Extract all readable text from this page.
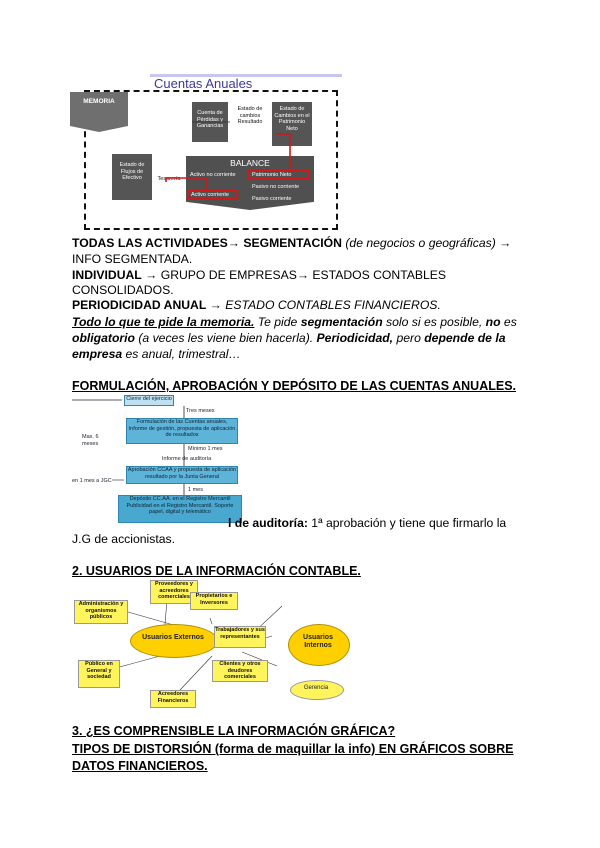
Cuentas Anuales
MEMORIA
Cuenta de Pérdidas y Ganancias
Estado de cambios Resultado
Estado de Cambios en el Patrimonio Neto
Estado de Flujos de Efectivo	Tesorería
BALANCE
Activo no corriente	Patrimonio Neto
Pasivo no corriente
Activo corriente
Pasivo corriente
TODAS LAS ACTIVIDADES→ SEGMENTACIÓN (de negocios o geográficas) →
INFO SEGMENTADA.
INDIVIDUAL → GRUPO DE EMPRESAS→ ESTADOS CONTABLES
CONSOLIDADOS.
PERIODICIDAD ANUAL → ESTADO CONTABLES FINANCIEROS.
Todo lo que te pide la memoria. Te pide segmentación solo si es posible, no es
obligatorio (a veces les viene bien hacerla). Periodicidad, pero depende de la
empresa es anual, trimestral…
FORMULACIÓN, APROBACIÓN Y DEPÓSITO DE LAS CUENTAS ANUALES.
Cierre del ejercicio
Tres meses
Formulación de las Cuentas anuales, Informe de gestión, propuesta de aplicación de resultados
Max. 6 meses
Mínimo 1 mes
Informe de auditoría
Aprobación CCAA y propuesta de aplicación resultado por la Junta General
en 1 mes a JGC
1 mes
Depósito CC.AA. en el Registro Mercantil
Publicidad en el Registro Mercantil. Soporte papel, digital y telemático
l de auditoría: 1ª aprobación y tiene que firmarlo la
J.G de accionistas.
2. USUARIOS DE LA INFORMACIÓN CONTABLE.
Usuarios Externos	Usuarios Internos
Gerencia
Proveedores y acreedores comerciales	Propietarios e Inversores
Administración y organismos públicos
Trabajadores y sus representantes
Público en General y sociedad
Clientes y otros deudores comerciales
Acreedores Financieros
3. ¿ES COMPRENSIBLE LA INFORMACIÓN GRÁFICA?
TIPOS DE DISTORSIÓN (forma de maquillar la info) EN GRÁFICOS SOBRE
DATOS FINANCIEROS.
